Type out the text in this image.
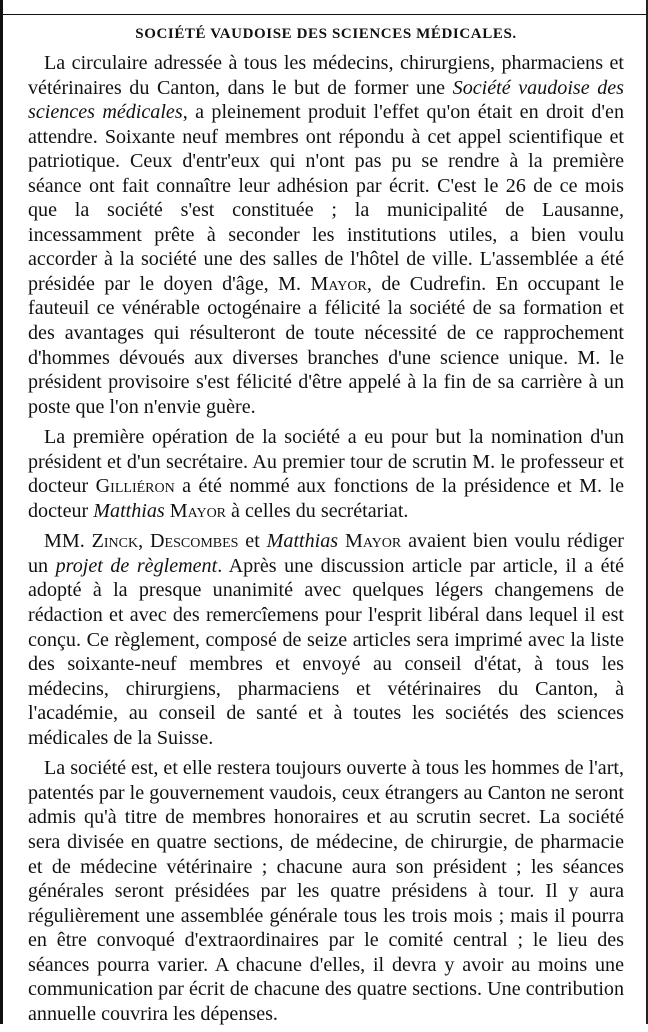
SOCIÉTÉ VAUDOISE DES SCIENCES MÉDICALES.

La circulaire adressée à tous les médecins, chirurgiens, pharmaciens et vétérinaires du Canton, dans le but de former une Société vaudoise des sciences médicales, a pleinement produit l'effet qu'on était en droit d'en attendre. Soixante neuf membres ont répondu à cet appel scientifique et patriotique. Ceux d'entr'eux qui n'ont pas pu se rendre à la première séance ont fait connaître leur adhésion par écrit. C'est le 26 de ce mois que la société s'est constituée ; la municipalité de Lausanne, incessamment prête à seconder les institutions utiles, a bien voulu accorder à la société une des salles de l'hôtel de ville. L'assemblée a été présidée par le doyen d'âge, M. Mayor, de Cudrefin. En occupant le fauteuil ce vénérable octogénaire a félicité la société de sa formation et des avantages qui résulteront de toute nécessité de ce rapprochement d'hommes dévoués aux diverses branches d'une science unique. M. le président provisoire s'est félicité d'être appelé à la fin de sa carrière à un poste que l'on n'envie guère.

La première opération de la société a eu pour but la nomination d'un président et d'un secrétaire. Au premier tour de scrutin M. le professeur et docteur Gilliéron a été nommé aux fonctions de la présidence et M. le docteur Matthias Mayor à celles du secrétariat.

MM. Zinck, Descombes et Matthias Mayor avaient bien voulu rédiger un projet de règlement. Après une discussion article par article, il a été adopté à la presque unanimité avec quelques légers changemens de rédaction et avec des remercîemens pour l'esprit libéral dans lequel il est conçu. Ce règlement, composé de seize articles sera imprimé avec la liste des soixante-neuf membres et envoyé au conseil d'état, à tous les médecins, chirurgiens, pharmaciens et vétérinaires du Canton, à l'académie, au conseil de santé et à toutes les sociétés des sciences médicales de la Suisse.

La société est, et elle restera toujours ouverte à tous les hommes de l'art, patentés par le gouvernement vaudois, ceux étrangers au Canton ne seront admis qu'à titre de membres honoraires et au scrutin secret. La société sera divisée en quatre sections, de médecine, de chirurgie, de pharmacie et de médecine vétérinaire ; chacune aura son président ; les séances générales seront présidées par les quatre présidens à tour. Il y aura régulièrement une assemblée générale tous les trois mois ; mais il pourra en être convoqué d'extraordinaires par le comité central ; le lieu des séances pourra varier. A chacune d'elles, il devra y avoir au moins une communication par écrit de chacune des quatre sections. Une contribution annuelle couvrira les dépenses.
